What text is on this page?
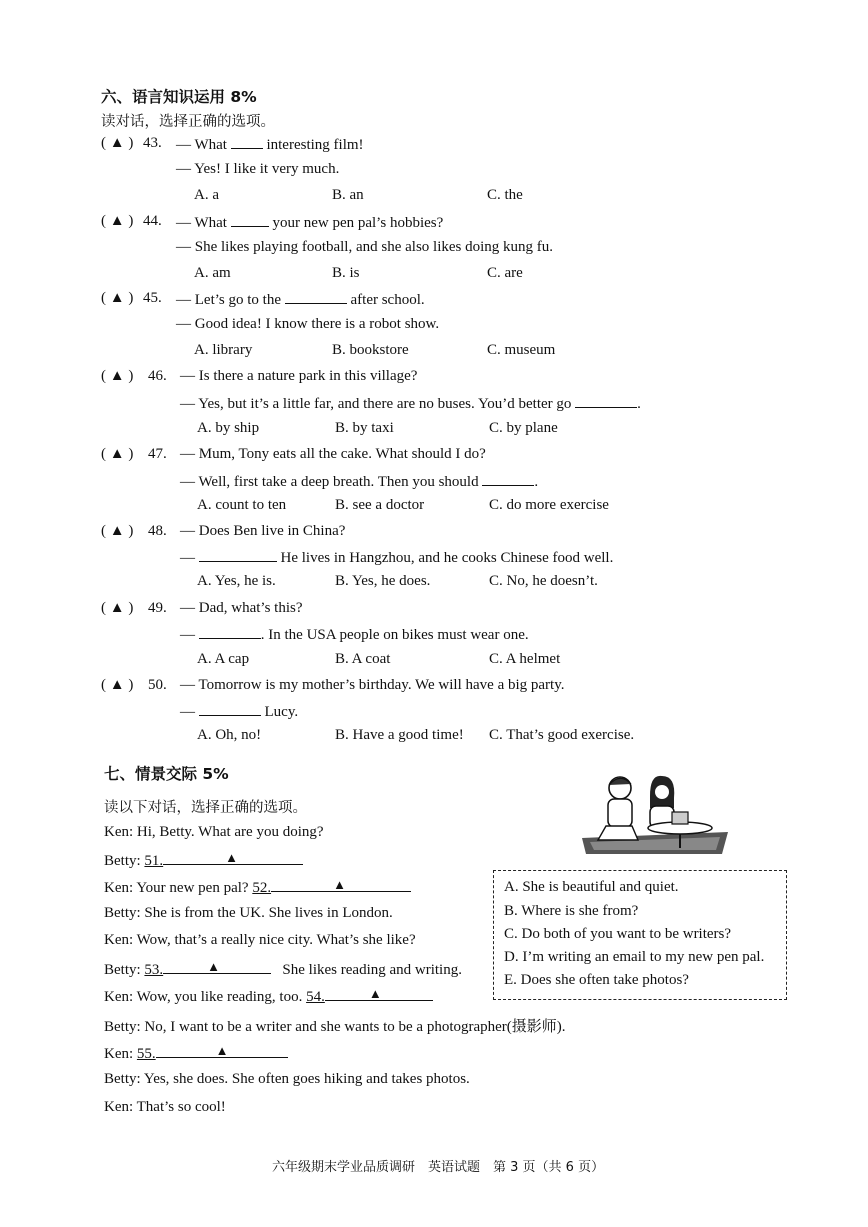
六、语言知识运用 8%
读对话，选择正确的选项。
( ▲ ) 43. — What	interesting film!
— Yes! I like it very much.
A. a	B. an	C. the
( ▲ ) 44. — What	your new pen pal’s hobbies?
— She likes playing football, and she also likes doing kung fu.
A. am	B. is	C. are
( ▲ ) 45. — Let’s go to the	after school.
— Good idea! I know there is a robot show.
A. library	B. bookstore	C. museum
( ▲ ) 46. — Is there a nature park in this village?
— Yes, but it’s a little far, and there are no buses. You’d better go	.
A. by ship	B. by taxi	C. by plane
( ▲ ) 47. — Mum, Tony eats all the cake. What should I do?
— Well, first take a deep breath. Then you should	.
A. count to ten	B. see a doctor	C. do more exercise
( ▲ ) 48. — Does Ben live in China?
—	He lives in Hangzhou, and he cooks Chinese food well.
A. Yes, he is.	B. Yes, he does.	C. No, he doesn’t.
( ▲ ) 49. — Dad, what’s this?
—	. In the USA people on bikes must wear one.
A. A cap	B. A coat	C. A helmet
( ▲ ) 50. — Tomorrow is my mother’s birthday. We will have a big party.
—	Lucy.
A. Oh, no!	B. Have a good time! C. That’s good exercise.
七、情景交际 5%
读以下对话，选择正确的选项。
Ken: Hi, Betty. What are you doing?
Betty: 51.	▲
Ken: Your new pen pal? 52.	▲
Betty: She is from the UK. She lives in London.
Ken: Wow, that’s a really nice city. What’s she like?
Betty: 53.	▲	She likes reading and writing.
Ken: Wow, you like reading, too. 54.	▲
Betty: No, I want to be a writer and she wants to be a photographer(摄影师).
Ken: 55.	▲
Betty: Yes, she does. She often goes hiking and takes photos.
Ken: That’s so cool!
A. She is beautiful and quiet.
B. Where is she from?
C. Do both of you want to be writers?
D. I’m writing an email to my new pen pal.
E. Does she often take photos?
六年级期末学业品质调研　英语试题　第 3 页（共 6 页）
